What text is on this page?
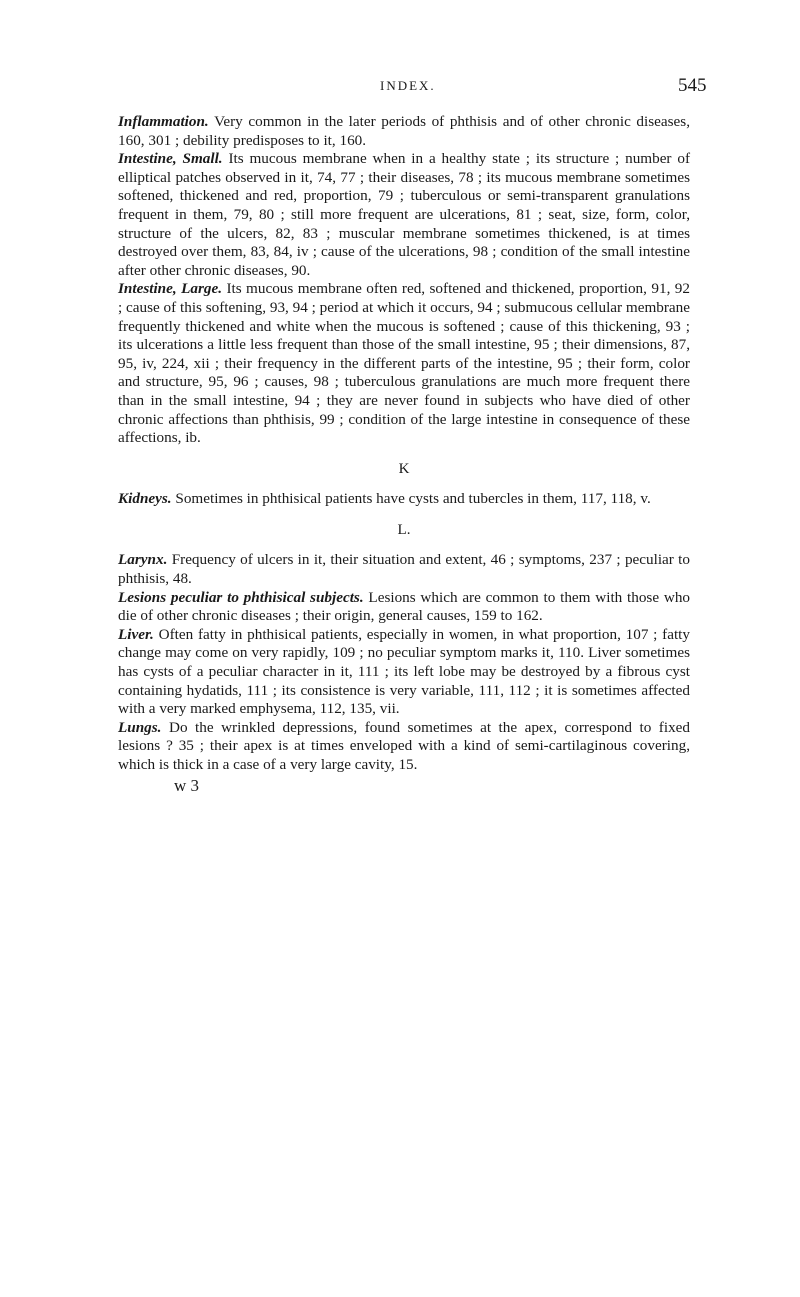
INDEX.	545

Inflammation. Very common in the later periods of phthisis and of other chronic diseases, 160, 301 ; debility predisposes to it, 160.

Intestine, Small. Its mucous membrane when in a healthy state ; its structure ; number of elliptical patches observed in it, 74, 77 ; their diseases, 78 ; its mucous membrane sometimes softened, thickened and red, proportion, 79 ; tuberculous or semi-transparent granulations frequent in them, 79, 80 ; still more frequent are ulcerations, 81 ; seat, size, form, color, structure of the ulcers, 82, 83 ; muscular membrane sometimes thickened, is at times destroyed over them, 83, 84, iv ; cause of the ulcerations, 98 ; condition of the small intestine after other chronic diseases, 90.

Intestine, Large. Its mucous membrane often red, softened and thickened, proportion, 91, 92 ; cause of this softening, 93, 94 ; period at which it occurs, 94 ; submucous cellular membrane frequently thickened and white when the mucous is softened ; cause of this thickening, 93 ; its ulcerations a little less frequent than those of the small intestine, 95 ; their dimensions, 87, 95, iv, 224, xii ; their frequency in the different parts of the intestine, 95 ; their form, color and structure, 95, 96 ; causes, 98 ; tuberculous granulations are much more frequent there than in the small intestine, 94 ; they are never found in subjects who have died of other chronic affections than phthisis, 99 ; condition of the large intestine in consequence of these affections, ib.

K

Kidneys. Sometimes in phthisical patients have cysts and tubercles in them, 117, 118, v.

L.

Larynx. Frequency of ulcers in it, their situation and extent, 46 ; symptoms, 237 ; peculiar to phthisis, 48.

Lesions peculiar to phthisical subjects. Lesions which are common to them with those who die of other chronic diseases ; their origin, general causes, 159 to 162.

Liver. Often fatty in phthisical patients, especially in women, in what proportion, 107 ; fatty change may come on very rapidly, 109 ; no peculiar symptom marks it, 110. Liver sometimes has cysts of a peculiar character in it, 111 ; its left lobe may be destroyed by a fibrous cyst containing hydatids, 111 ; its consistence is very variable, 111, 112 ; it is sometimes affected with a very marked emphysema, 112, 135, vii.

Lungs. Do the wrinkled depressions, found sometimes at the apex, correspond to fixed lesions ? 35 ; their apex is at times enveloped with a kind of semi-cartilaginous covering, which is thick in a case of a very large cavity, 15.

w 3
